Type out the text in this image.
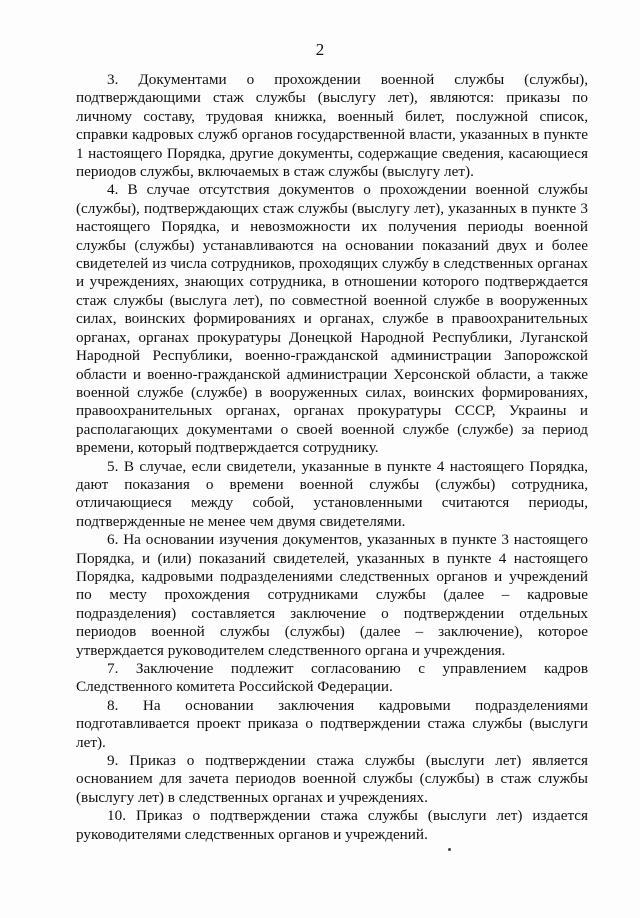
2

3. Документами о прохождении военной службы (службы), подтверждающими стаж службы (выслугу лет), являются: приказы по личному составу, трудовая книжка, военный билет, послужной список, справки кадровых служб органов государственной власти, указанных в пункте 1 настоящего Порядка, другие документы, содержащие сведения, касающиеся периодов службы, включаемых в стаж службы (выслугу лет).

4. В случае отсутствия документов о прохождении военной службы (службы), подтверждающих стаж службы (выслугу лет), указанных в пункте 3 настоящего Порядка, и невозможности их получения периоды военной службы (службы) устанавливаются на основании показаний двух и более свидетелей из числа сотрудников, проходящих службу в следственных органах и учреждениях, знающих сотрудника, в отношении которого подтверждается стаж службы (выслуга лет), по совместной военной службе в вооруженных силах, воинских формированиях и органах, службе в правоохранительных органах, органах прокуратуры Донецкой Народной Республики, Луганской Народной Республики, военно-гражданской администрации Запорожской области и военно-гражданской администрации Херсонской области, а также военной службе (службе) в вооруженных силах, воинских формированиях, правоохранительных органах, органах прокуратуры СССР, Украины и располагающих документами о своей военной службе (службе) за период времени, который подтверждается сотруднику.

5. В случае, если свидетели, указанные в пункте 4 настоящего Порядка, дают показания о времени военной службы (службы) сотрудника, отличающиеся между собой, установленными считаются периоды, подтвержденные не менее чем двумя свидетелями.

6. На основании изучения документов, указанных в пункте 3 настоящего Порядка, и (или) показаний свидетелей, указанных в пункте 4 настоящего Порядка, кадровыми подразделениями следственных органов и учреждений по месту прохождения сотрудниками службы (далее – кадровые подразделения) составляется заключение о подтверждении отдельных периодов военной службы (службы) (далее – заключение), которое утверждается руководителем следственного органа и учреждения.

7. Заключение подлежит согласованию с управлением кадров Следственного комитета Российской Федерации.

8. На основании заключения кадровыми подразделениями подготавливается проект приказа о подтверждении стажа службы (выслуги лет).

9. Приказ о подтверждении стажа службы (выслуги лет) является основанием для зачета периодов военной службы (службы) в стаж службы (выслугу лет) в следственных органах и учреждениях.

10. Приказ о подтверждении стажа службы (выслуги лет) издается руководителями следственных органов и учреждений.
